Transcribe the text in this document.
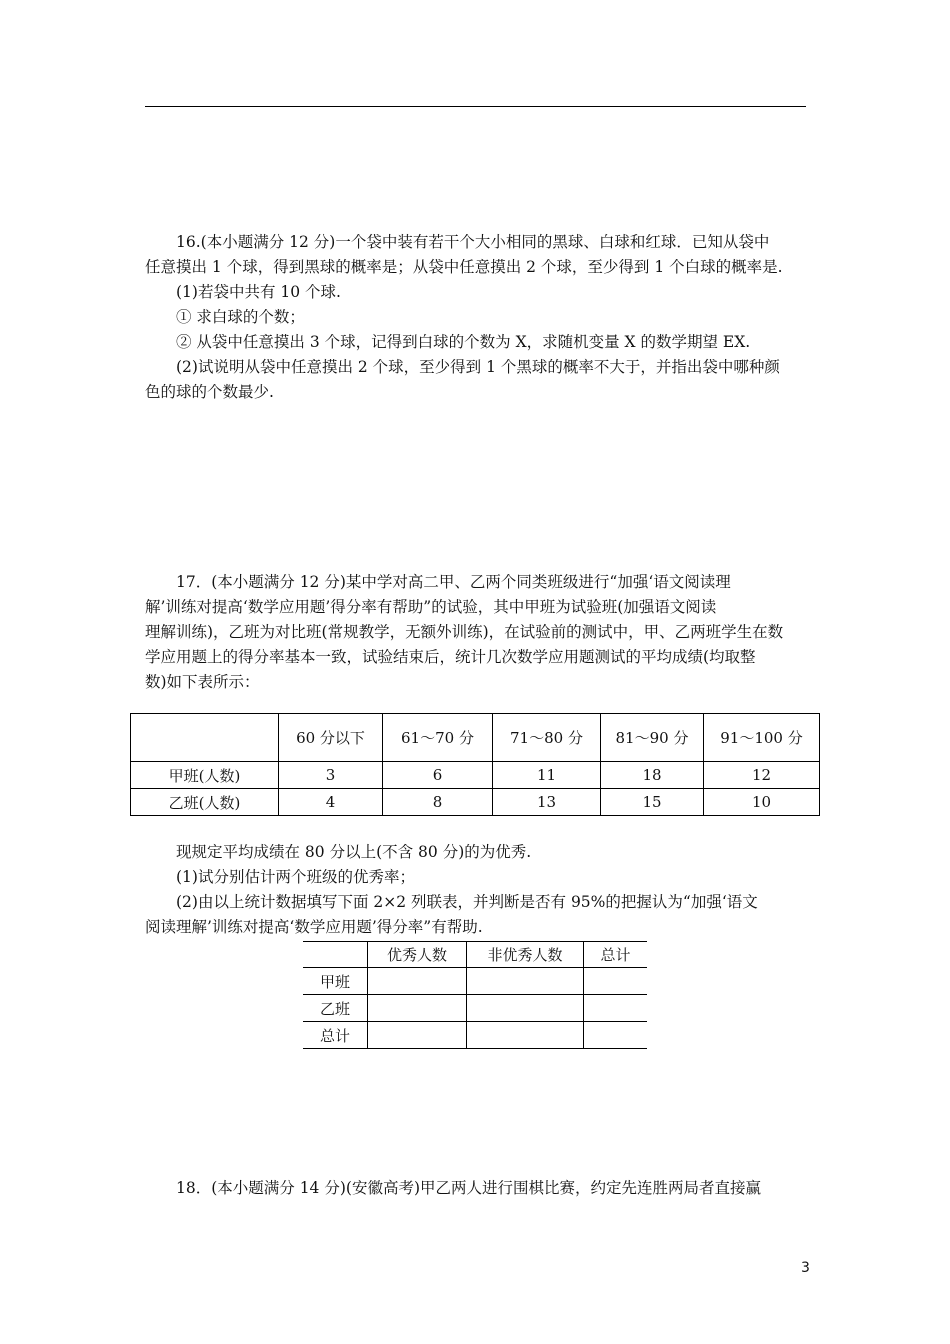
16.(本小题满分 12 分)一个袋中装有若干个大小相同的黑球、白球和红球．已知从袋中
任意摸出 1 个球，得到黑球的概率是；从袋中任意摸出 2 个球，至少得到 1 个白球的概率是.
(1)若袋中共有 10 个球.
① 求白球的个数；
② 从袋中任意摸出 3 个球，记得到白球的个数为 X，求随机变量 X 的数学期望 EX.
(2)试说明从袋中任意摸出 2 个球，至少得到 1 个黑球的概率不大于，并指出袋中哪种颜
色的球的个数最少.
17．(本小题满分 12 分)某中学对高二甲、乙两个同类班级进行“加强‘语文阅读理
解’训练对提高‘数学应用题’得分率有帮助”的试验，其中甲班为试验班(加强语文阅读
理解训练)，乙班为对比班(常规教学，无额外训练)，在试验前的测试中，甲、乙两班学生在数
学应用题上的得分率基本一致，试验结束后，统计几次数学应用题测试的平均成绩(均取整
数)如下表所示：
	60 分以下	61～70 分	71～80 分	81～90 分	91～100 分
甲班(人数)	3	6	11	18	12
乙班(人数)	4	8	13	15	10
现规定平均成绩在 80 分以上(不含 80 分)的为优秀.
(1)试分别估计两个班级的优秀率；
(2)由以上统计数据填写下面 2×2 列联表，并判断是否有 95%的把握认为“加强‘语文
阅读理解’训练对提高‘数学应用题’得分率”有帮助.
	优秀人数	非优秀人数	总计
甲班			
乙班			
总计			
18．(本小题满分 14 分)(安徽高考)甲乙两人进行围棋比赛，约定先连胜两局者直接赢
3
